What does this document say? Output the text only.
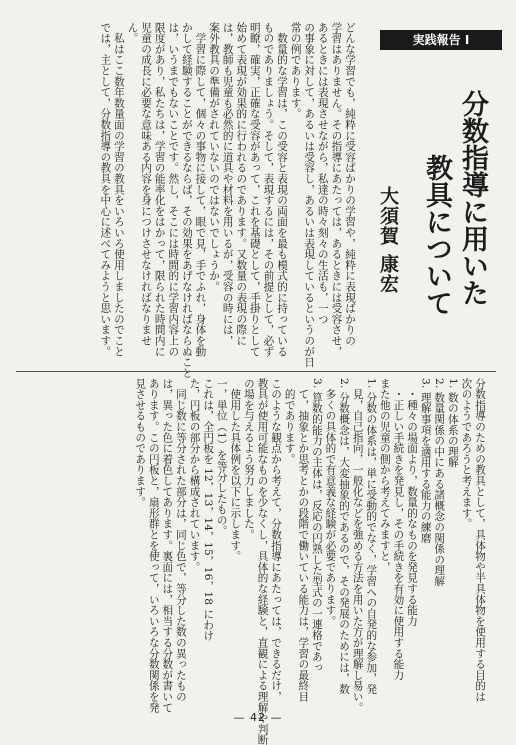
実践報告 I
分数指導に用いた
教具について
大須賀 康宏

どんな学習でも，純粋に受容ばかりの学習や，純粋に表現ばかりの
学習はありません。その指導にあたっては，あるときには受容させ，
あるときには表現させながら，私達の時々刻々の生活も，一つ
の事象に対して，あるいは受容し，あるいは表現しているというのが日
常の例であります。
　数量的な学習は，この受容と表現の両面を最も模式的に持っている
ものでありましょう。そして，表現するには，その前提として，必ず
明瞭，確実，正確な受容があって，これを基礎として，手掛りとして
始めて表現が効果的に行われるのであります。又数量の表現の際に
は，教師も児童も必然的に道具や材料を用いるが，受容の時には，
案外教具の準備がされていないのではないでしょうか。
　学習に際して，個々の事物に接して，眼で見，手でふれ，身体を動
かして経験することができるならば，その効果をあげなければならぬこと
は，いうまでもないことです。然し，そこには時間的に学習内容上の
限度があり，私たちは，学習の能率化をはかって，限られた時間内に
児童の成長に必要な意味ある内容を身につけさせなければなりませ
ん。
　私はここ数年数量面の学習の教具をいろいろ使用しましたのでこと
では，主として，分数指導の教具を中心に述べてみようと思います。

分数指導のための教具として，具体物や半具体物を使用する目的は
次のようであろうと考えます。
1. 数の体系の理解
2. 数量関係の中にある諸概念の関係の理解
3. 理解事項を適用する能力の練磨
　・種々の場面より，数量的なものを発見する能力
　・正しい手続きを発見し，その手続きを有効に使用する能力
また他の児童の側から考えてみますと，
1. 分数の体系は，単に受動的でなく，学習への自発的な参加，発
　見，自己指向，一般化などを強める方法を用いた方が理解し易い。
2. 分数概念は，大変抽象的であるので，その発展のためには，数
　多くの具体的で有意義な経験が必要であります。
3. 算数的能力の主体は，反応の円熟した型式の一連格であっ
　て，抽象とか思考とかの段階で働いている能力は，学習の最終目
　的であります。
このような観点から考えて，分数指導にあたっては，できるだけ，
教具が使用可能なものを少なくし，具体的な経験と，直観による理解や判断
の場を与えるよう努力しました。
　使用した具体例を以下に示します。
一，単位（1）を等分したもの。
これは，全円板を 12，13，14，15，16，18 にわけ
た，円板の部分から構成されています。
　同じ数に等分された部分は，同じ色で，等分した数の異ったもの
は，異った色に着色してあります。裏面には，相当する分数が書いて
あります。この円板と，扇形群とを使って，いろいろな分数関係を発
見させるものであります。

— 42 —
